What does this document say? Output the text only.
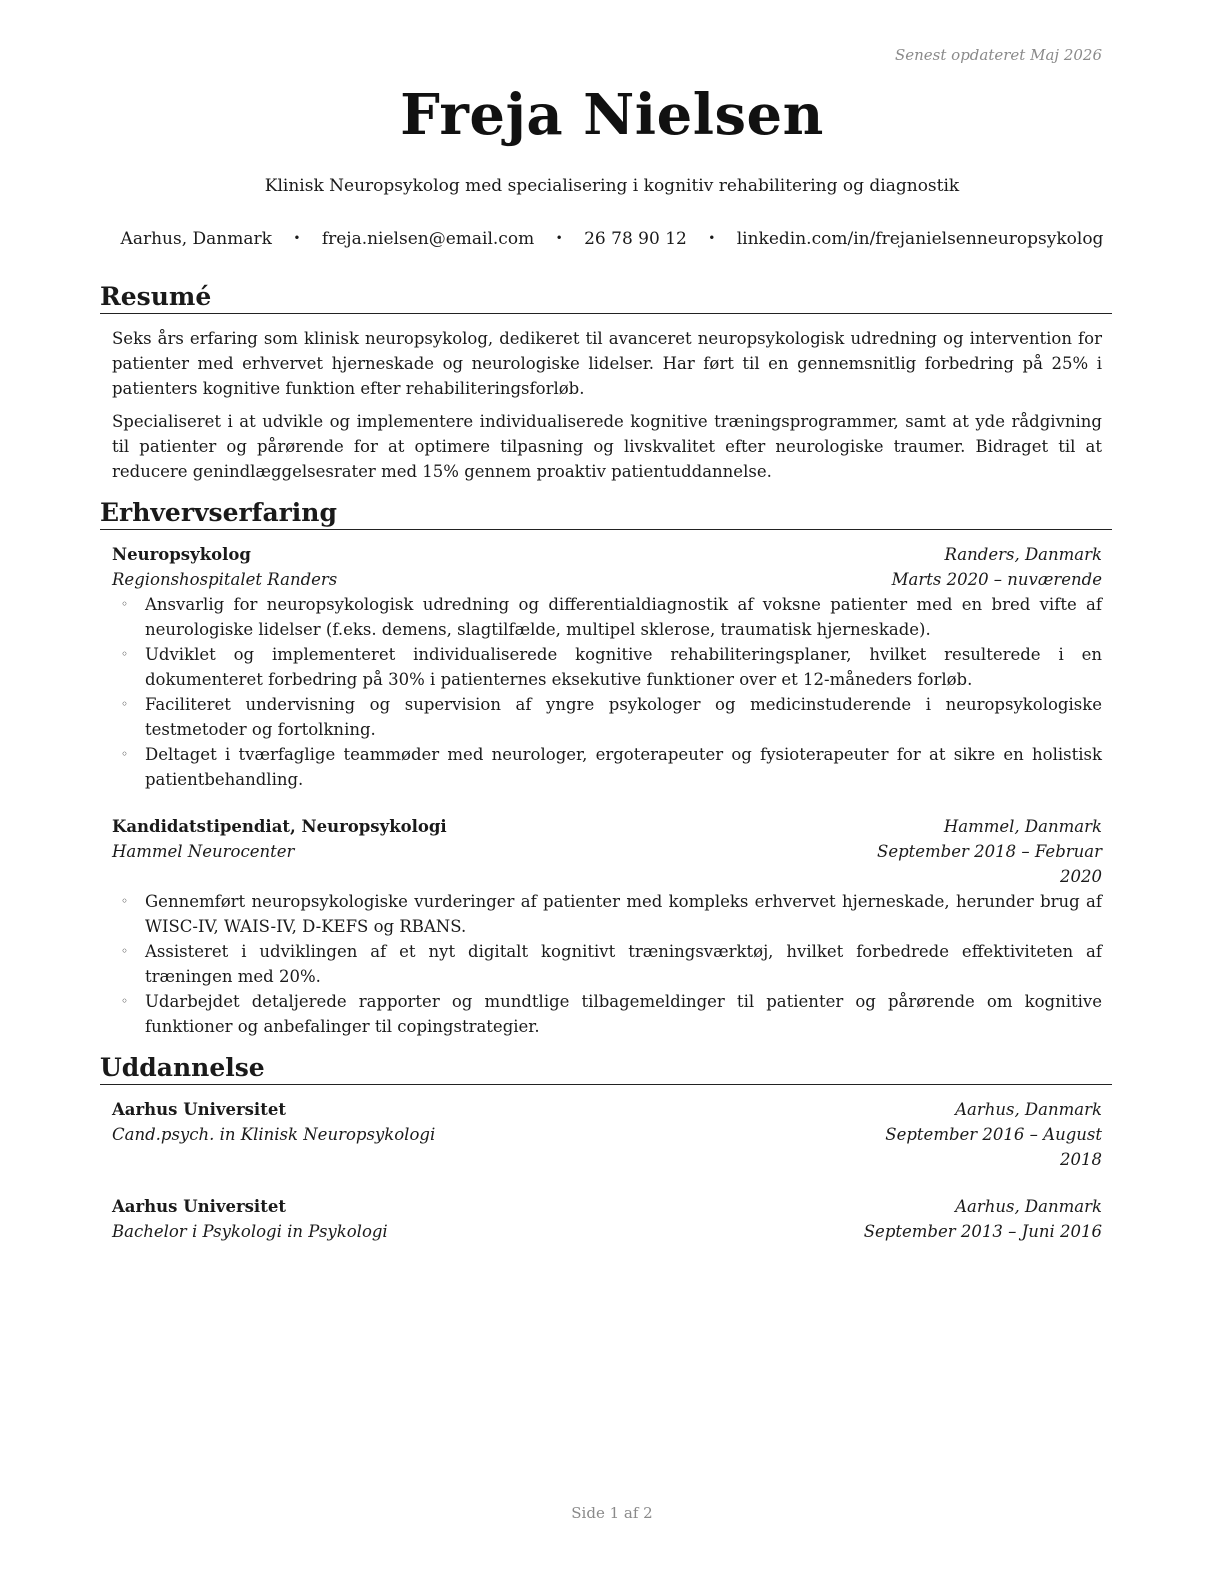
Senest opdateret Maj 2026
Freja Nielsen
Klinisk Neuropsykolog med specialisering i kognitiv rehabilitering og diagnostik
Aarhus, Danmark • freja.nielsen@email.com • 26 78 90 12 • linkedin.com/in/frejanielsenneuropsykolog
Resumé

Seks års erfaring som klinisk neuropsykolog, dedikeret til avanceret neuropsykologisk udredning og intervention for patienter med erhvervet hjerneskade og neurologiske lidelser. Har ført til en gennemsnitlig forbedring på 25% i patienters kognitive funktion efter rehabiliteringsforløb.

Specialiseret i at udvikle og implementere individualiserede kognitive træningsprogrammer, samt at yde rådgivning til patienter og pårørende for at optimere tilpasning og livskvalitet efter neurologiske traumer. Bidraget til at reducere genindlæggelsesrater med 15% gennem proaktiv patientuddannelse.

Erhvervserfaring
Neuropsykolog	Randers, Danmark
Regionshospitalet Randers	Marts 2020 – nuværende
◦ Ansvarlig for neuropsykologisk udredning og differentialdiagnostik af voksne patienter med en bred vifte af neurologiske lidelser (f.eks. demens, slagtilfælde, multipel sklerose, traumatisk hjerneskade).
◦ Udviklet og implementeret individualiserede kognitive rehabiliteringsplaner, hvilket resulterede i en dokumenteret forbedring på 30% i patienternes eksekutive funktioner over et 12-måneders forløb.
◦ Faciliteret undervisning og supervision af yngre psykologer og medicinstuderende i neuropsykologiske testmetoder og fortolkning.
◦ Deltaget i tværfaglige teammøder med neurologer, ergoterapeuter og fysioterapeuter for at sikre en holistisk patientbehandling.
Kandidatstipendiat, Neuropsykologi	Hammel, Danmark
Hammel Neurocenter	September 2018 – Februar 2020
◦ Gennemført neuropsykologiske vurderinger af patienter med kompleks erhvervet hjerneskade, herunder brug af WISC-IV, WAIS-IV, D-KEFS og RBANS.
◦ Assisteret i udviklingen af et nyt digitalt kognitivt træningsværktøj, hvilket forbedrede effektiviteten af træningen med 20%.
◦ Udarbejdet detaljerede rapporter og mundtlige tilbagemeldinger til patienter og pårørende om kognitive funktioner og anbefalinger til copingstrategier.
Uddannelse
Aarhus Universitet	Aarhus, Danmark
Cand.psych. in Klinisk Neuropsykologi	September 2016 – August 2018
Aarhus Universitet	Aarhus, Danmark
Bachelor i Psykologi in Psykologi	September 2013 – Juni 2016
Side 1 af 2
